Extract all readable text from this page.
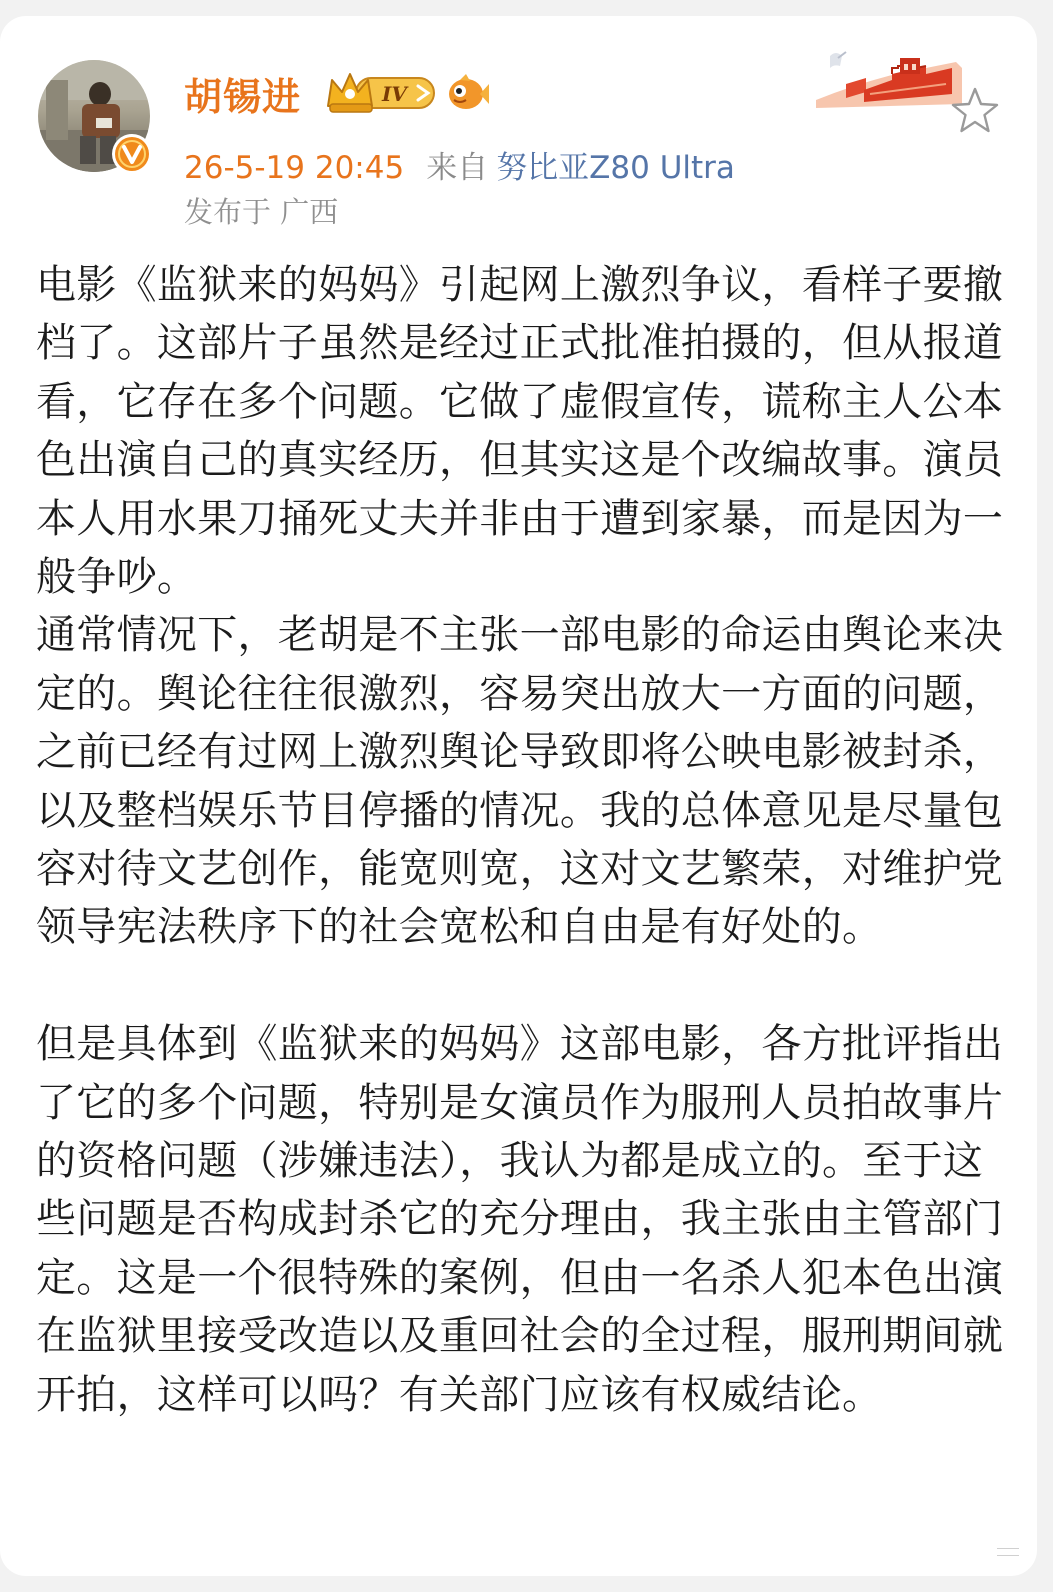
胡锡进	IV
26-5-19 20:45 来自 努比亚Z80 Ultra
发布于 广西

电影《监狱来的妈妈》引起网上激烈争议，看样子要撤档了。这部片子虽然是经过正式批准拍摄的，但从报道看，它存在多个问题。它做了虚假宣传，谎称主人公本色出演自己的真实经历，但其实这是个改编故事。演员本人用水果刀捅死丈夫并非由于遭到家暴，而是因为一般争吵。

通常情况下，老胡是不主张一部电影的命运由舆论来决定的。舆论往往很激烈，容易突出放大一方面的问题，之前已经有过网上激烈舆论导致即将公映电影被封杀，以及整档娱乐节目停播的情况。我的总体意见是尽量包容对待文艺创作，能宽则宽，这对文艺繁荣，对维护党领导宪法秩序下的社会宽松和自由是有好处的。

但是具体到《监狱来的妈妈》这部电影，各方批评指出了它的多个问题，特别是女演员作为服刑人员拍故事片的资格问题（涉嫌违法），我认为都是成立的。至于这些问题是否构成封杀它的充分理由，我主张由主管部门定。这是一个很特殊的案例，但由一名杀人犯本色出演在监狱里接受改造以及重回社会的全过程，服刑期间就开拍，这样可以吗？有关部门应该有权威结论。
